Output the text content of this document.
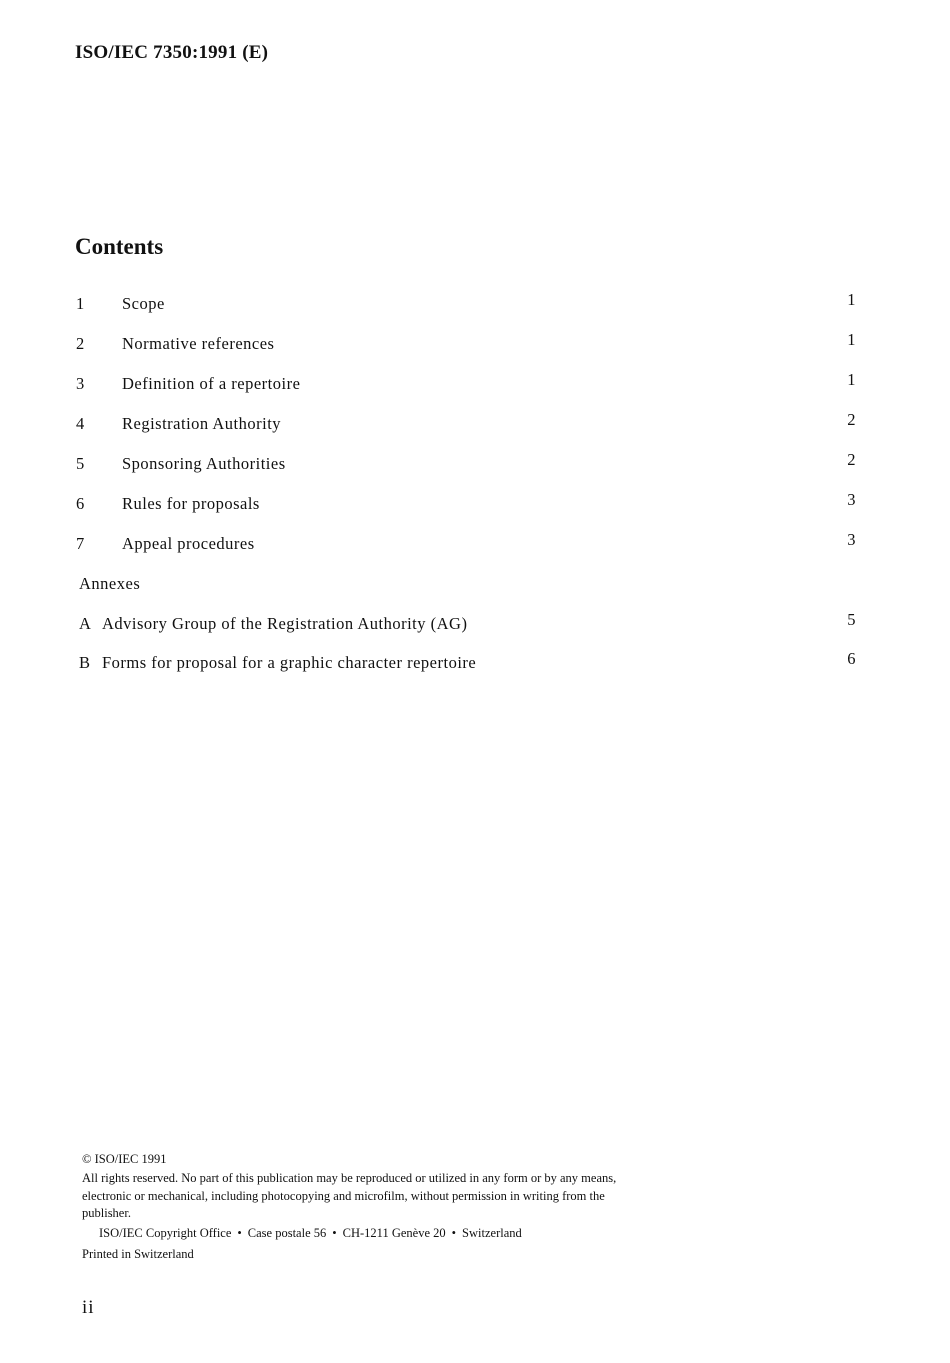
ISO/IEC 7350:1991 (E)
Contents
1 Scope	1
2 Normative references	1
3 Definition of a repertoire	1
4 Registration Authority	2
5 Sponsoring Authorities	2
6 Rules for proposals	3
7 Appeal procedures	3
Annexes
A Advisory Group of the Registration Authority (AG)	5
B Forms for proposal for a graphic character repertoire	6
© ISO/IEC 1991
All rights reserved. No part of this publication may be reproduced or utilized in any form or by any means, electronic or mechanical, including photocopying and microfilm, without permission in writing from the publisher.
ISO/IEC Copyright Office • Case postale 56 • CH-1211 Genève 20 • Switzerland
Printed in Switzerland
ii
